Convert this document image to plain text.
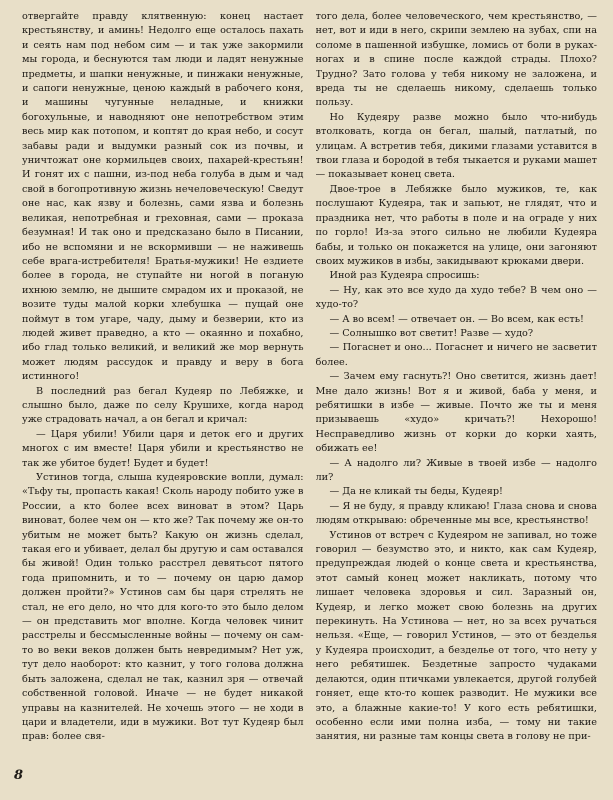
отвергайте правду клятвенную: конец настает крестьянству, и аминь! Недолго еще осталось пахать и сеять нам под небом сим — и так уже закормили мы города, и беснуются там люди и ладят ненужные предметы, и шапки ненужные, и пинжаки ненужные, и сапоги ненужные, ценою каждый в рабочего коня, и машины чугунные неладные, и книжки богохульные, и наводняют оне непотребством этим весь мир как потопом, и коптят до края небо, и сосут забавы ради и выдумки разный сок из почвы, и уничтожат оне кормильцев своих, пахарей-крестьян! И гонят их с пашни, из-под неба голуба в дым и чад свой в богопротивную жизнь нечеловеческую! Сведут оне нас, как язву и болезнь, сами язва и болезнь великая, непотребная и греховная, сами — проказа безумная! И так оно и предсказано было в Писании, ибо не вспомяни и не вскормивши — не наживешь себе врага-истребителя! Братья-мужики! Не ездиете более в города, не ступайте ни ногой в поганую ихнюю землю, не дышите смрадом их и проказой, не возите туды малой корки хлебушка — пущай оне поймут в том угаре, чаду, дыму и безверии, кто из людей живет праведно, а кто — окаянно и похабно, ибо глад только великий, и великий же мор вернуть может людям рассудок и правду и веру в бога истинного!

В последний раз бегал Кудеяр по Лебяжке, и слышно было, даже по селу Крушихе, когда народ уже страдовать начал, а он бегал и кричал:

— Царя убили! Убили царя и деток его и других многох с им вместе! Царя убили и крестьянство не так же убитое будет! Будет и будет!

Устинов тогда, слыша кудеяровские вопли, думал: «Тьфу ты, пропасть какая! Сколь народу побито уже в России, а кто более всех виноват в этом? Царь виноват, более чем он — кто же? Так почему же он-то убитым не может быть? Какую он жизнь сделал, такая его и убивает, делал бы другую и сам оставался бы живой! Один только расстрел девятьсот пятого года припомнить, и то — почему он царю дамор должен пройти?» Устинов сам бы царя стрелять не стал, не его дело, но что для кого-то это было делом — он представить мог вполне. Когда человек чинит расстрелы и бесcмысленные войны — почему он сам-то во веки веков должен быть невредимым? Нет уж, тут дело наоборот: кто казнит, у того голова должна быть заложена, сделал не так, казнил зря — отвечай собственной головой. Иначе — не будет никакой управы на казнителей. Не хочешь этого — не ходи в цари и владетели, иди в мужики. Вот тут Кудеяр был прав: более свя-

того дела, более человеческого, чем крестьянство, — нет, вот и иди в него, скрипи землею на зубах, спи на соломе в пашенной избушке, ломись от боли в руках-ногах и в спине после каждой страды. Плохо? Трудно? Зато голова у тебя никому не заложена, и вреда ты не сделаешь никому, сделаешь только пользу.

Но Кудеяру разве можно было что-нибудь втолковать, когда он бегал, шалый, патлатый, по улицам. А встретив тебя, дикими глазами уставится в твои глаза и бородой в тебя тыкается и руками машет — показывает конец света.

Двое-трое в Лебяжке было мужиков, те, как послушают Кудеяра, так и запьют, не глядят, что и праздника нет, что работы в поле и на ограде у них по горло! Из-за этого сильно не любили Кудеяра бабы, и только он покажется на улице, они загоняют своих мужиков в избы, закидывают крюками двери.

Иной раз Кудеяра спросишь:

— Ну, как это все худо да худо тебе? В чем оно — худо-то?

— А во всем! — отвечает он. — Во всем, как есть!

— Солнышко вот светит! Разве — худо?

— Погаснет и оно... Погаснет и ничего не засветит более.

— Зачем ему гаснуть?! Оно светится, жизнь дает! Мне дало жизнь! Вот я и живой, баба у меня, и ребятишки в избе — живые. Почто же ты и меня призываешь «худо» кричать?! Нехорошо! Несправедливо жизнь от корки до корки хаять, обижать ее!

— А надолго ли? Живые в твоей избе — надолго ли?

— Да не кликай ты беды, Кудеяр!

— Я не буду, я правду кликаю! Глаза снова и снова людям открываю: обреченные мы все, крестьянство!

Устинов от встреч с Кудеяром не запивал, но тоже говорил — безумство это, и никто, как сам Кудеяр, предупреждая людей о конце света и крестьянства, этот самый конец может накликать, потому что лишает человека здоровья и сил. Заразный он, Кудеяр, и легко может свою болезнь на других перекинуть. На Устинова — нет, но за всех ручаться нельзя. «Еще, — говорил Устинов, — это от безделья у Кудеяра происходит, а безделье от того, что нету у него ребятишек. Бездетные запросто чудаками делаются, один птичками увлекается, другой голубей гоняет, еще кто-то кошек разводит. Не мужики все это, а блажные какие-то! У кого есть ребятишки, особенно если ими полна изба, — тому ни такие занятия, ни разные там концы света в голову не при-

8
